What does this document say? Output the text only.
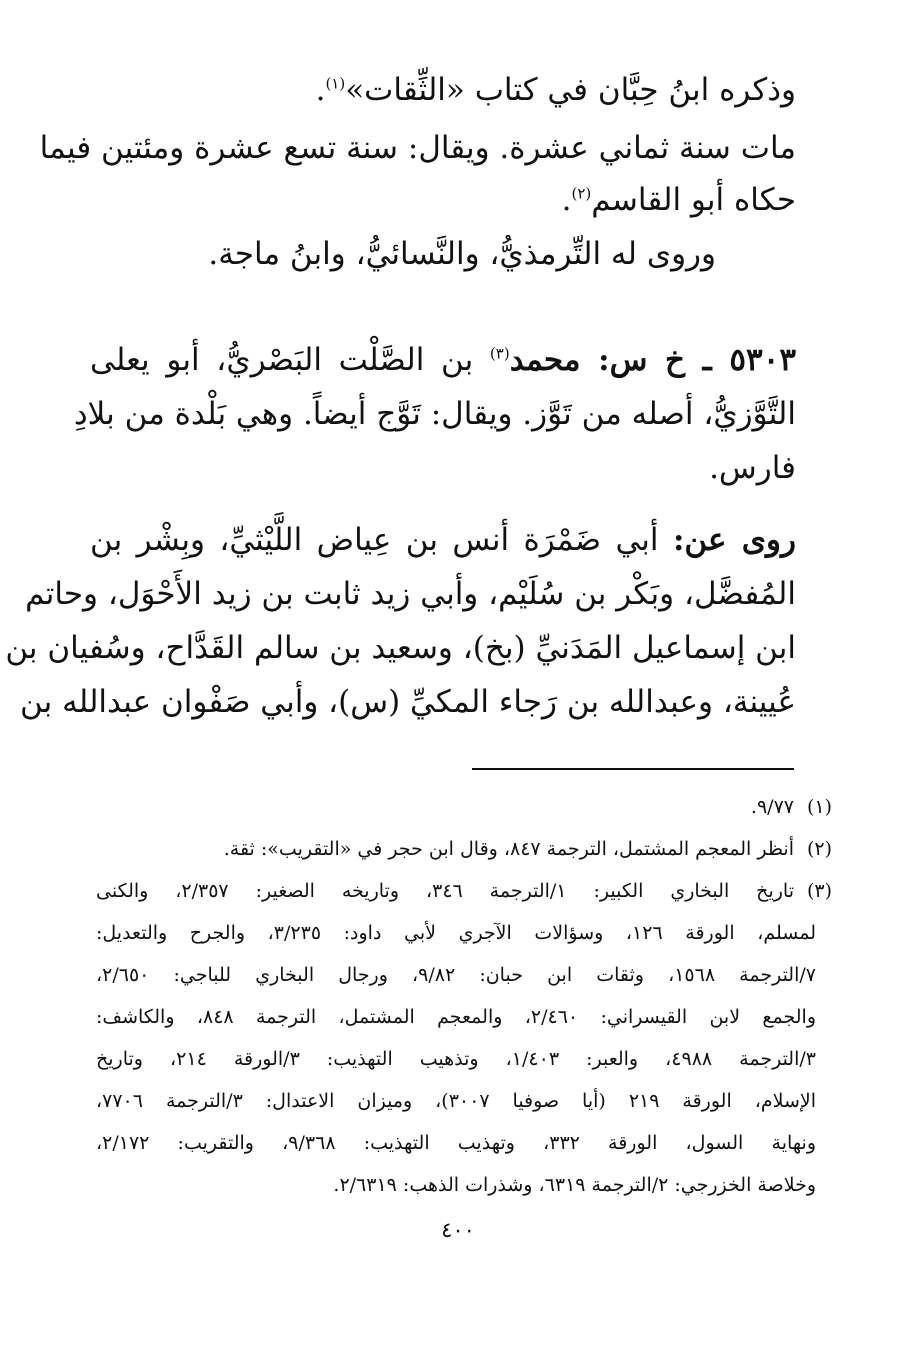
وذكره ابنُ حِبَّان في كتاب «الثِّقات»$^{(١)}$.
مات سنة ثماني عشرة. ويقال: سنة تسع عشرة ومئتين فيما
حكاه أبو القاسم$^{(٢)}$.
وروى له التِّرمذيُّ، والنَّسائيُّ، وابنُ ماجة.
٥٣٠٣ ـ خ س: محمد$^{(٣)}$ بن الصَّلْت البَصْريُّ، أبو يعلى
التَّوَّزيُّ، أصله من تَوَّز. ويقال: تَوَّج أيضاً. وهي بَلْدة من بلادِ
فارس.
روى عن: أبي ضَمْرَة أنس بن عِياض اللَّيْثيِّ، وبِشْر بن
المُفضَّل، وبَكْر بن سُلَيْم، وأبي زيد ثابت بن زيد الأَحْوَل، وحاتم
ابن إسماعيل المَدَنيِّ (بخ)، وسعيد بن سالم القَدَّاح، وسُفيان بن
عُيينة، وعبدالله بن رَجاء المكيِّ (س)، وأبي صَفْوان عبدالله بن
(١)
٩/٧٧.
(٢)
أنظر المعجم المشتمل، الترجمة ٨٤٧، وقال ابن حجر في «التقريب»: ثقة.
(٣)
تاريخ البخاري الكبير: ١/الترجمة ٣٤٦، وتاريخه الصغير: ٢/٣٥٧، والكنى
لمسلم، الورقة ١٢٦، وسؤالات الآجري لأبي داود: ٣/٢٣٥، والجرح والتعديل:
٧/الترجمة ١٥٦٨، وثقات ابن حبان: ٩/٨٢، ورجال البخاري للباجي: ٢/٦٥٠،
والجمع لابن القيسراني: ٢/٤٦٠، والمعجم المشتمل، الترجمة ٨٤٨، والكاشف:
٣/الترجمة ٤٩٨٨، والعبر: ١/٤٠٣، وتذهيب التهذيب: ٣/الورقة ٢١٤، وتاريخ
الإسلام، الورقة ٢١٩ (أيا صوفيا ٣٠٠٧)، وميزان الاعتدال: ٣/الترجمة ٧٧٠٦،
ونهاية السول، الورقة ٣٣٢، وتهذيب التهذيب: ٩/٣٦٨، والتقريب: ٢/١٧٢،
وخلاصة الخزرجي: ٢/الترجمة ٦٣١٩، وشذرات الذهب: ٢/٦٣١٩.
٤٠٠
